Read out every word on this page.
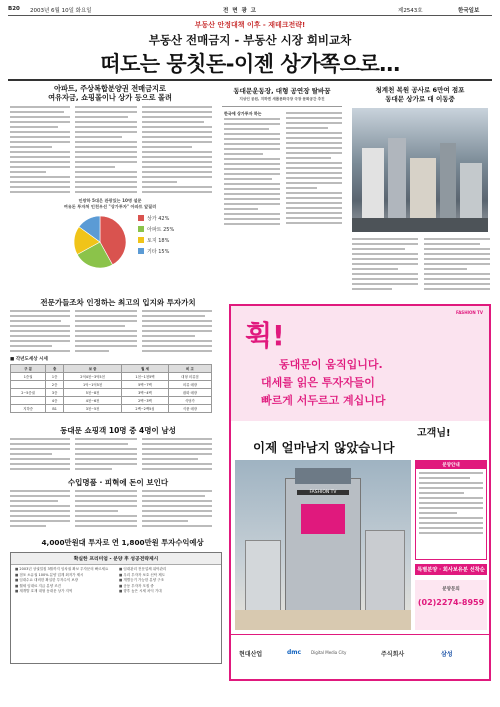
B20 2003년 6월 10일 화요일	전 면 광 고	제2543호	한국일보
부동산 안정대책 이후 - 재테크전략!
부동산 전매금지 - 부동산 시장 희비교차
떠도는 뭉칫돈-이젠 상가쪽으로…
아파트, 주상복합분양권 전매금지로
여유자금, 쇼핑몰이나 상가 등으로 몰려
인왕하 5대은 관광있는 10명 설문
여유돈 투자처 인천우선 "상가투자" 아파트 앞질러
상가 42%
아파트 25%
토지 18%
기타 15%
전문가들조차 인정하는 최고의 입지와 투자가치
■ 각년도세상 시세
구 분	층	보 증	월 세	비 고
1층권	1층	2억4천~3억5천	1천~1천5백	대형 의류점
	2층	1억~1억5천	5백~7백	의류 매장
2~5층권	3층	5천~8천	3백~4백	잡화 매장
	4층	4천~6천	2백~3백	식당가
지하층	B1	3천~5천	2백~2백5십	식품 매장
동대문 쇼핑객 10명 중 4명이 남성
수입명품 · 피혁에 돈이 보인다
4,000만원대 투자로 연 1,800만원 투자수익예상
확실한 프리미엄 - 분양 후 성공전략제시
■ 2003년 상권밀집 3월까지 임차권 확보 투자문의 빠르세요
■ 점포 소유권 100% 분양 업계 최저가 제시
■ 임대수요 대비한 확실한 투자수익 보장
■ 월세 임대료 지급 분양 조건
■ 재개발 호재 대형 동대문 상가 지역
■ 임대관리 전문업체 위탁관리
■ 우리 투자자 보호 신탁 제도
■ 개별등기 가능한 분양 구조
■ 공동 투자자 모집 중
■ 향후 높은 시세 차익 기대
동대문운동장, 대형 공연장 탈바꿈
지상인 공원, 지하엔 새롭문화극장 극장 문화공간 추진
한국에 상가투자 하는
청계천 복원 공사로 6만여 점포
동대문 상가로 대 이동중
FASHION TV
휙!
동대문이 움직입니다.
대세를 읽은 투자자들이
빠르게 서두르고 계십니다
고객님!
이제 얼마남지 않았습니다
FASHION TV
분양안내
특별분양 · 회사보유분 선착순
분양문의
(02)2274-8959
현대산업	dmc Digital Media City	주식회사	삼성
